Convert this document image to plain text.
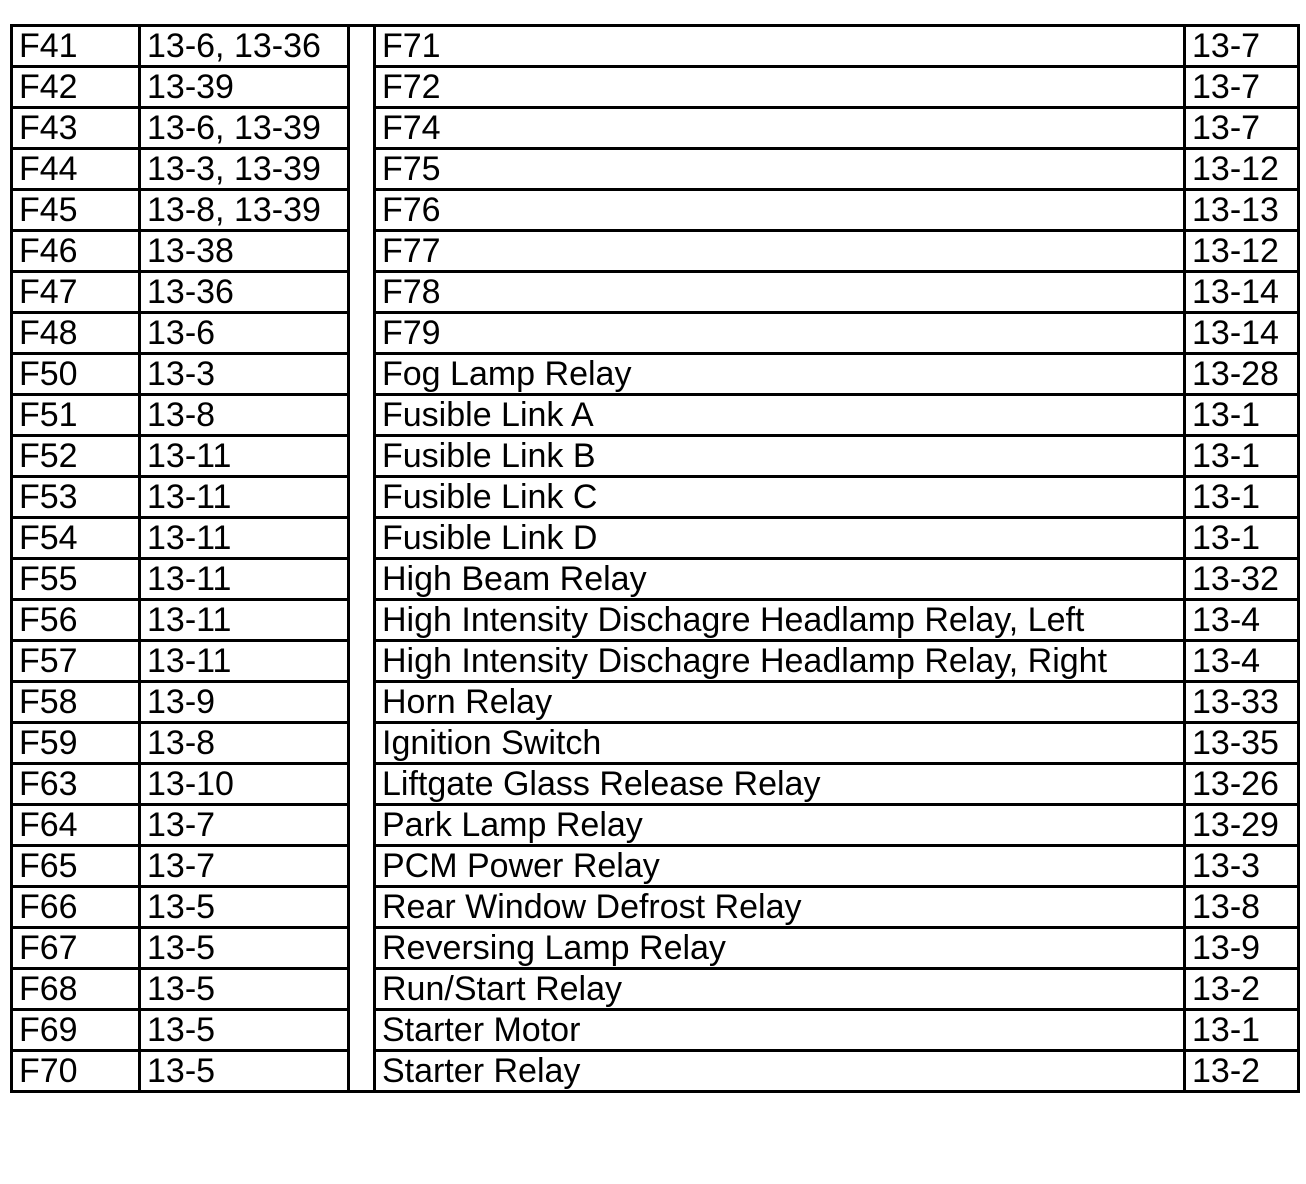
F41	13-6, 13-36		F71	13-7
F42	13-39		F72	13-7
F43	13-6, 13-39		F74	13-7
F44	13-3, 13-39		F75	13-12
F45	13-8, 13-39		F76	13-13
F46	13-38		F77	13-12
F47	13-36		F78	13-14
F48	13-6		F79	13-14
F50	13-3		Fog Lamp Relay	13-28
F51	13-8		Fusible Link A	13-1
F52	13-11		Fusible Link B	13-1
F53	13-11		Fusible Link C	13-1
F54	13-11		Fusible Link D	13-1
F55	13-11		High Beam Relay	13-32
F56	13-11		High Intensity Dischagre Headlamp Relay, Left	13-4
F57	13-11		High Intensity Dischagre Headlamp Relay, Right	13-4
F58	13-9		Horn Relay	13-33
F59	13-8		Ignition Switch	13-35
F63	13-10		Liftgate Glass Release Relay	13-26
F64	13-7		Park Lamp Relay	13-29
F65	13-7		PCM Power Relay	13-3
F66	13-5		Rear Window Defrost Relay	13-8
F67	13-5		Reversing Lamp Relay	13-9
F68	13-5		Run/Start Relay	13-2
F69	13-5		Starter Motor	13-1
F70	13-5		Starter Relay	13-2
